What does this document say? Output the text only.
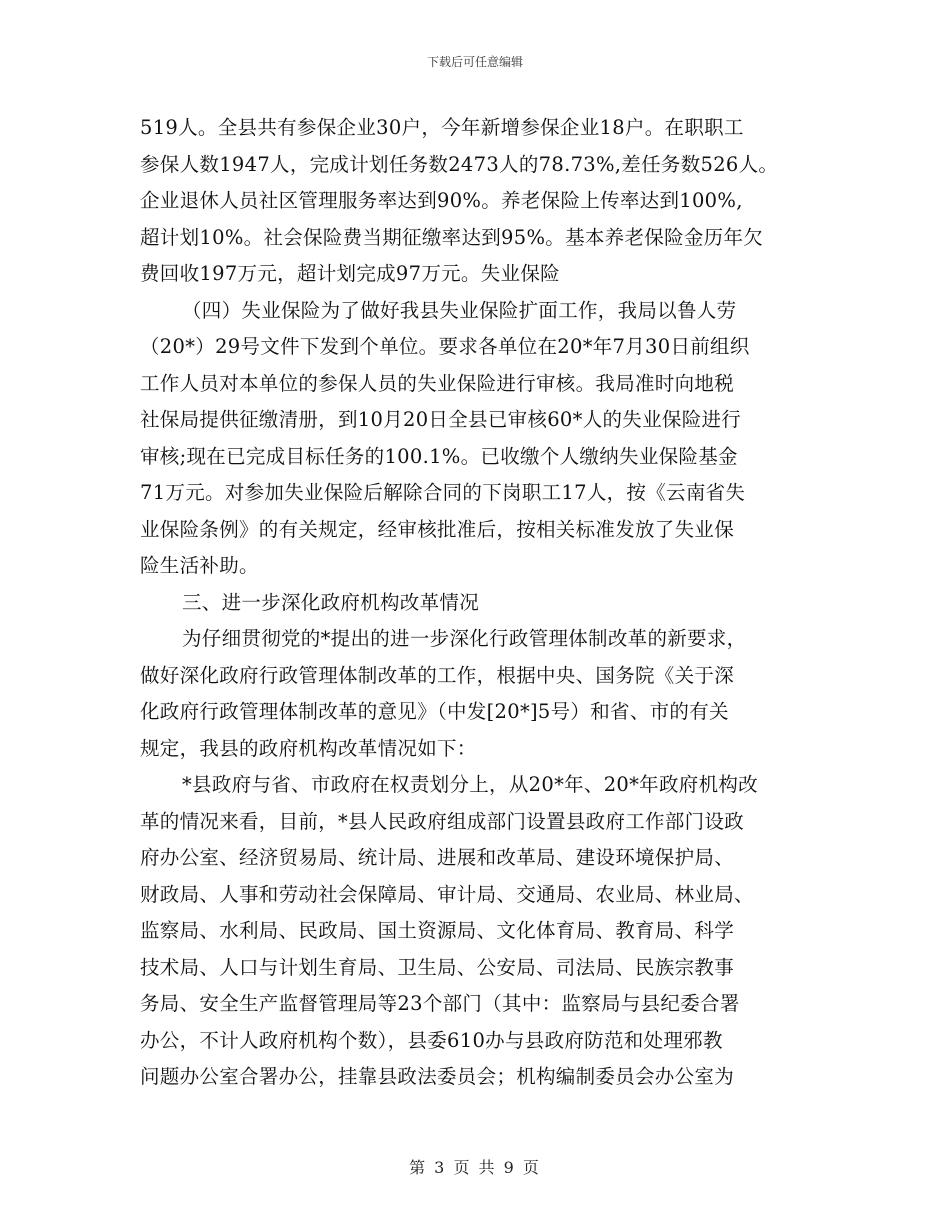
下载后可任意编辑
519人。全县共有参保企业30户，今年新增参保企业18户。在职职工
参保人数1947人，完成计划任务数2473人的78.73%,差任务数526人。
企业退休人员社区管理服务率达到90%。养老保险上传率达到100%,
超计划10%。社会保险费当期征缴率达到95%。基本养老保险金历年欠
费回收197万元，超计划完成97万元。失业保险
（四）失业保险为了做好我县失业保险扩面工作，我局以鲁人劳
（20*）29号文件下发到个单位。要求各单位在20*年7月30日前组织
工作人员对本单位的参保人员的失业保险进行审核。我局准时向地税
社保局提供征缴清册，到10月20日全县已审核60*人的失业保险进行
审核;现在已完成目标任务的100.1%。已收缴个人缴纳失业保险基金
71万元。对参加失业保险后解除合同的下岗职工17人，按《云南省失
业保险条例》的有关规定，经审核批准后，按相关标准发放了失业保
险生活补助。
三、进一步深化政府机构改革情况
为仔细贯彻党的*提出的进一步深化行政管理体制改革的新要求，
做好深化政府行政管理体制改革的工作，根据中央、国务院《关于深
化政府行政管理体制改革的意见》（中发[20*]5号）和省、市的有关
规定，我县的政府机构改革情况如下：
*县政府与省、市政府在权责划分上，从20*年、20*年政府机构改
革的情况来看，目前，*县人民政府组成部门设置县政府工作部门设政
府办公室、经济贸易局、统计局、进展和改革局、建设环境保护局、
财政局、人事和劳动社会保障局、审计局、交通局、农业局、林业局、
监察局、水利局、民政局、国土资源局、文化体育局、教育局、科学
技术局、人口与计划生育局、卫生局、公安局、司法局、民族宗教事
务局、安全生产监督管理局等23个部门（其中：监察局与县纪委合署
办公，不计人政府机构个数），县委610办与县政府防范和处理邪教
问题办公室合署办公，挂靠县政法委员会；机构编制委员会办公室为
第 3 页 共 9 页
